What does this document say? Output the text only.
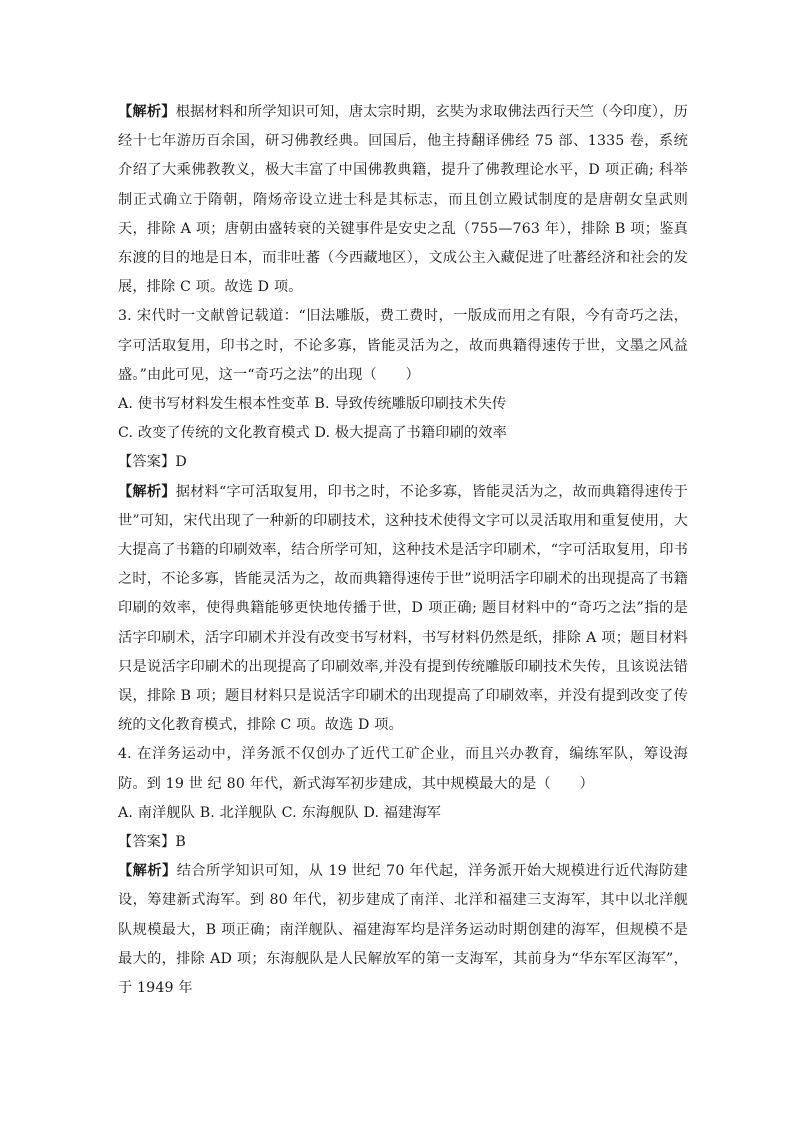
【解析】根据材料和所学知识可知，唐太宗时期，玄奘为求取佛法西行天竺（今印度），历经十七年游历百余国，研习佛教经典。回国后，他主持翻译佛经 75 部、1335 卷，系统介绍了大乘佛教教义，极大丰富了中国佛教典籍，提升了佛教理论水平，D 项正确; 科举制正式确立于隋朝，隋炀帝设立进士科是其标志，而且创立殿试制度的是唐朝女皇武则天，排除 A 项；唐朝由盛转衰的关键事件是安史之乱（755—763 年），排除 B 项；鉴真东渡的目的地是日本，而非吐蕃（今西藏地区），文成公主入藏促进了吐蕃经济和社会的发展，排除 C 项。故选 D 项。

3. 宋代时一文献曾记载道：“旧法雕版，费工费时，一版成而用之有限，今有奇巧之法，字可活取复用，印书之时，不论多寡，皆能灵活为之，故而典籍得速传于世，文墨之风益盛。”由此可见，这一“奇巧之法”的出现（　　）

A. 使书写材料发生根本性变革 B. 导致传统雕版印刷技术失传

C. 改变了传统的文化教育模式 D. 极大提高了书籍印刷的效率

【答案】D

【解析】据材料“字可活取复用，印书之时，不论多寡，皆能灵活为之，故而典籍得速传于世”可知，宋代出现了一种新的印刷技术，这种技术使得文字可以灵活取用和重复使用，大大提高了书籍的印刷效率，结合所学可知，这种技术是活字印刷术，“字可活取复用，印书之时，不论多寡，皆能灵活为之，故而典籍得速传于世”说明活字印刷术的出现提高了书籍印刷的效率，使得典籍能够更快地传播于世，D 项正确; 题目材料中的“奇巧之法”指的是活字印刷术，活字印刷术并没有改变书写材料，书写材料仍然是纸，排除 A 项；题目材料只是说活字印刷术的出现提高了印刷效率,并没有提到传统雕版印刷技术失传，且该说法错误，排除 B 项；题目材料只是说活字印刷术的出现提高了印刷效率，并没有提到改变了传统的文化教育模式，排除 C 项。故选 D 项。

4. 在洋务运动中，洋务派不仅创办了近代工矿企业，而且兴办教育，编练军队，筹设海防。到 19 世 纪 80 年代，新式海军初步建成，其中规模最大的是（　　）

A. 南洋舰队 B. 北洋舰队 C. 东海舰队 D. 福建海军

【答案】B

【解析】结合所学知识可知，从 19 世纪 70 年代起，洋务派开始大规模进行近代海防建设，筹建新式海军。到 80 年代，初步建成了南洋、北洋和福建三支海军，其中以北洋舰队规模最大，B 项正确；南洋舰队、福建海军均是洋务运动时期创建的海军，但规模不是最大的，排除 AD 项；东海舰队是人民解放军的第一支海军，其前身为“华东军区海军”，于 1949 年
